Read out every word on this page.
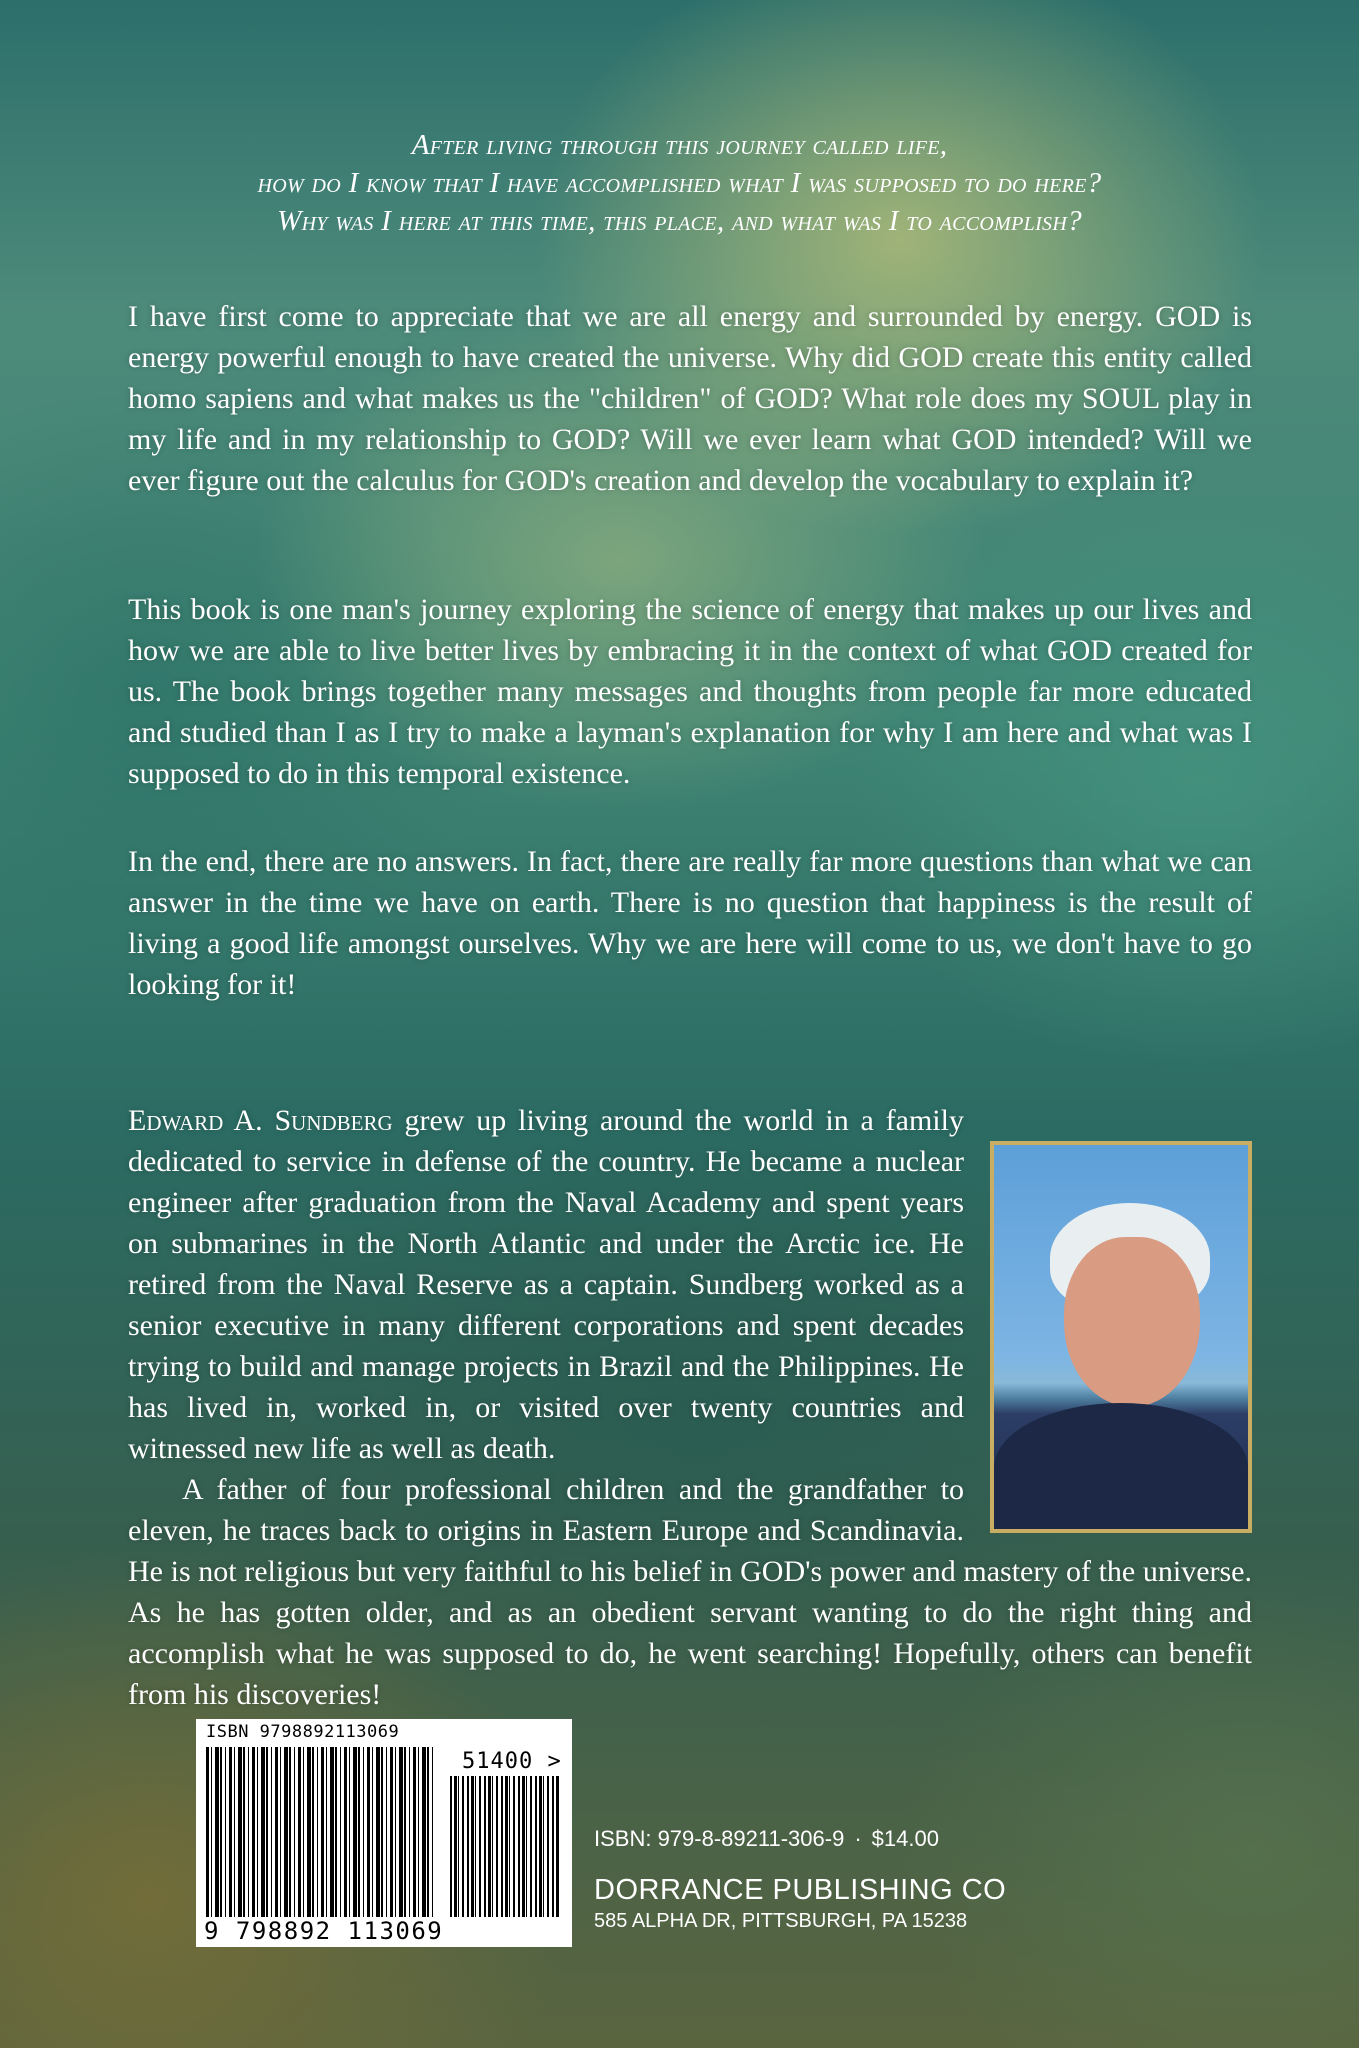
After living through this journey called life,
how do I know that I have accomplished what I was supposed to do here?
Why was I here at this time, this place, and what was I to accomplish?
I have first come to appreciate that we are all energy and surrounded by energy. GOD is energy powerful enough to have created the universe. Why did GOD create this entity called homo sapiens and what makes us the "children" of GOD? What role does my SOUL play in my life and in my relationship to GOD? Will we ever learn what GOD intended? Will we ever figure out the calculus for GOD's creation and develop the vocabulary to explain it?
This book is one man's journey exploring the science of energy that makes up our lives and how we are able to live better lives by embracing it in the context of what GOD created for us. The book brings together many messages and thoughts from people far more educated and studied than I as I try to make a layman's explanation for why I am here and what was I supposed to do in this temporal existence.
In the end, there are no answers. In fact, there are really far more questions than what we can answer in the time we have on earth. There is no question that happiness is the result of living a good life amongst ourselves. Why we are here will come to us, we don't have to go looking for it!

Edward A. Sundberg grew up living around the world in a family dedicated to service in defense of the country. He became a nuclear engineer after graduation from the Naval Academy and spent years on submarines in the North Atlantic and under the Arctic ice. He retired from the Naval Reserve as a captain. Sundberg worked as a senior executive in many different corporations and spent decades trying to build and manage projects in Brazil and the Philippines. He has lived in, worked in, or visited over twenty countries and witnessed new life as well as death.

A father of four professional children and the grandfather to eleven, he traces back to origins in Eastern Europe and Scandinavia. He is not religious but very faithful to his belief in GOD's power and mastery of the universe. As he has gotten older, and as an obedient servant wanting to do the right thing and accomplish what he was supposed to do, he went searching! Hopefully, others can benefit from his discoveries!

ISBN 9798892113069
51400 >
9 798892 113069
ISBN: 979-8-89211-306-9 · $14.00
DORRANCE PUBLISHING CO
585 ALPHA DR, PITTSBURGH, PA 15238
